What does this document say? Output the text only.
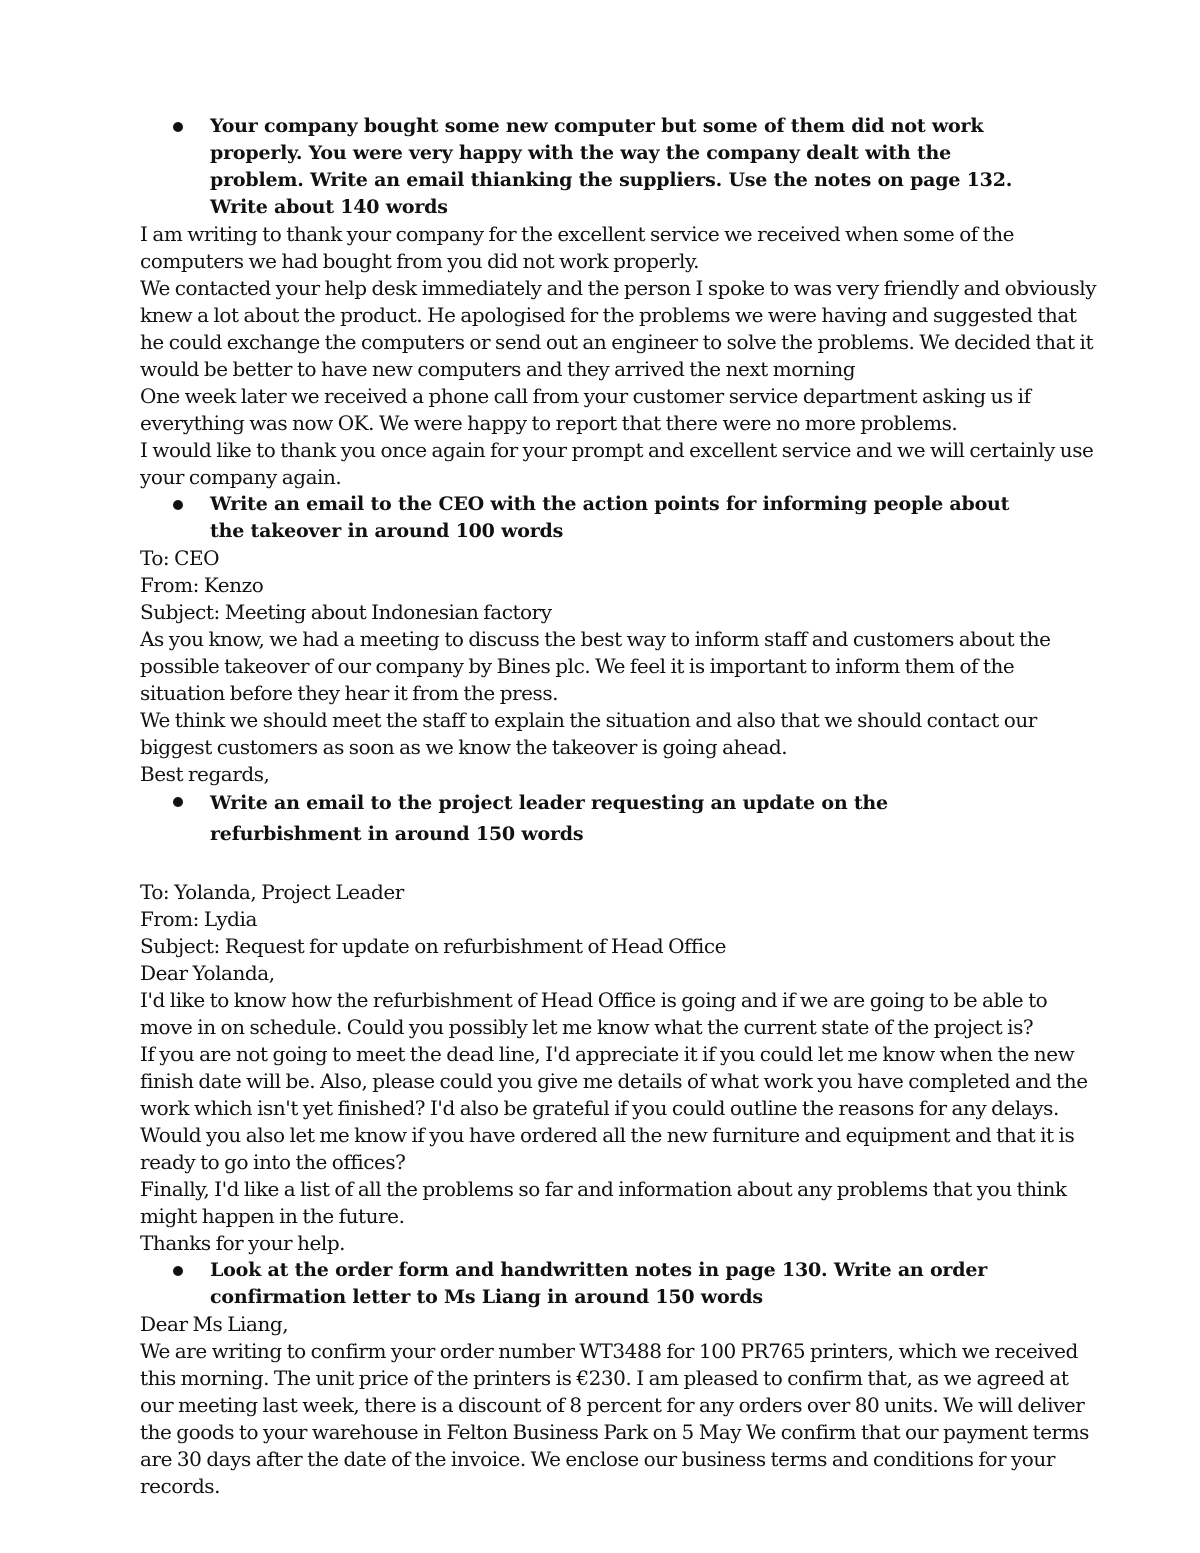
Your company bought some new computer but some of them did not work properly. You were very happy with the way the company dealt with the problem. Write an email thianking the suppliers. Use the notes on page 132. Write about 140 words

I am writing to thank your company for the excellent service we received when some of the computers we had bought from you did not work properly.

We contacted your help desk immediately and the person I spoke to was very friendly and obviously knew a lot about the product. He apologised for the problems we were having and suggested that he could exchange the computers or send out an engineer to solve the problems. We decided that it would be better to have new computers and they arrived the next morning

One week later we received a phone call from your customer service department asking us if everything was now OK. We were happy to report that there were no more problems.

I would like to thank you once again for your prompt and excellent service and we will certainly use your company again.

Write an email to the CEO with the action points for informing people about the takeover in around 100 words

To: CEO

From: Kenzo

Subject: Meeting about Indonesian factory

As you know, we had a meeting to discuss the best way to inform staff and customers about the possible takeover of our company by Bines plc. We feel it is important to inform them of the situation before they hear it from the press.

We think we should meet the staff to explain the situation and also that we should contact our biggest customers as soon as we know the takeover is going ahead.

Best regards,

Write an email to the project leader requesting an update on the refurbishment in around 150 words

To: Yolanda, Project Leader

From: Lydia

Subject: Request for update on refurbishment of Head Office

Dear Yolanda,

I'd like to know how the refurbishment of Head Office is going and if we are going to be able to move in on schedule. Could you possibly let me know what the current state of the project is?

If you are not going to meet the dead line, I'd appreciate it if you could let me know when the new finish date will be. Also, please could you give me details of what work you have completed and the work which isn't yet finished? I'd also be grateful if you could outline the reasons for any delays.

Would you also let me know if you have ordered all the new furniture and equipment and that it is ready to go into the offices?

Finally, I'd like a list of all the problems so far and information about any problems that you think might happen in the future.

Thanks for your help.

Look at the order form and handwritten notes in page 130. Write an order confirmation letter to Ms Liang in around 150 words

Dear Ms Liang,

We are writing to confirm your order number WT3488 for 100 PR765 printers, which we received this morning. The unit price of the printers is €230. I am pleased to confirm that, as we agreed at our meeting last week, there is a discount of 8 percent for any orders over 80 units. We will deliver the goods to your warehouse in Felton Business Park on 5 May We confirm that our payment terms are 30 days after the date of the invoice. We enclose our business terms and conditions for your records.
